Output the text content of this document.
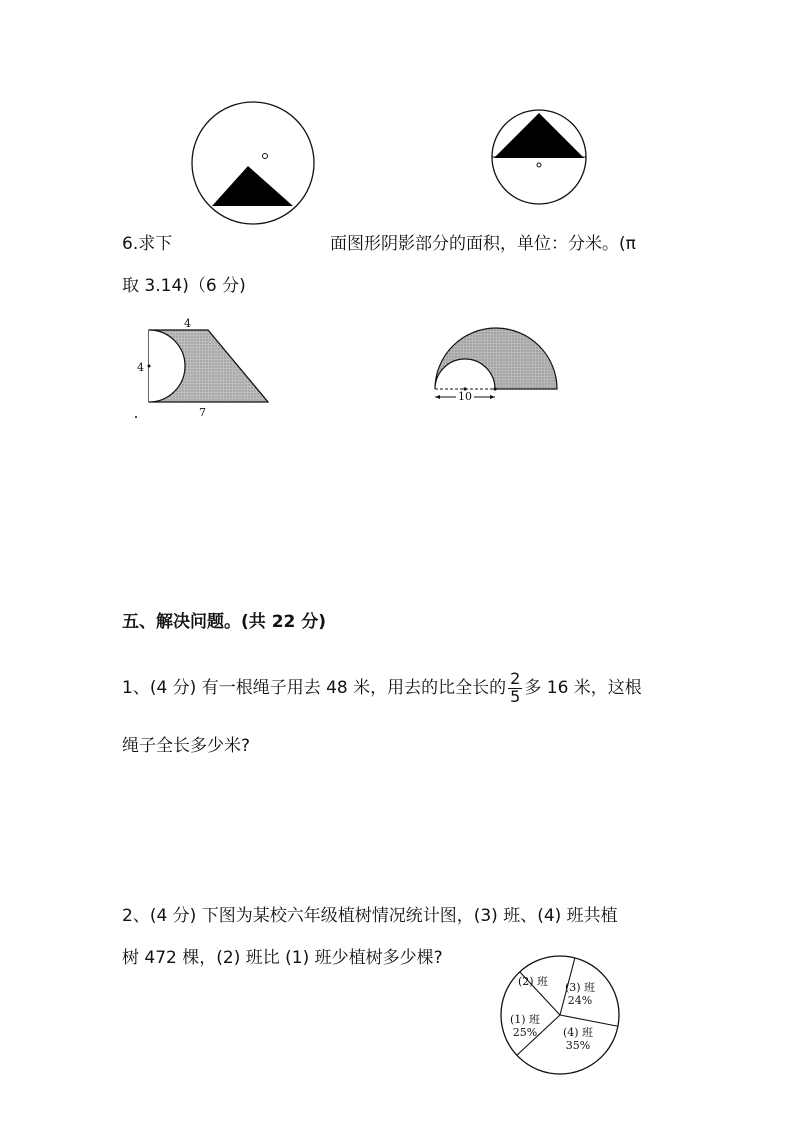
6.求下	面图形阴影部分的面积，单位：分米。(π
取 3.14)（6 分)
4
4
7
10
五、解决问题。(共 22 分)
1、(4 分) 有一根绳子用去 48 米，用去的比全长的 $\frac{2}{5}$ 多 16 米，这根
绳子全长多少米?
2、(4 分) 下图为某校六年级植树情况统计图，(3) 班、(4) 班共植
树 472 棵，(2) 班比 (1) 班少植树多少棵?
(2) 班 (3) 班
24%
(4) 班
35%
(1) 班
25%
